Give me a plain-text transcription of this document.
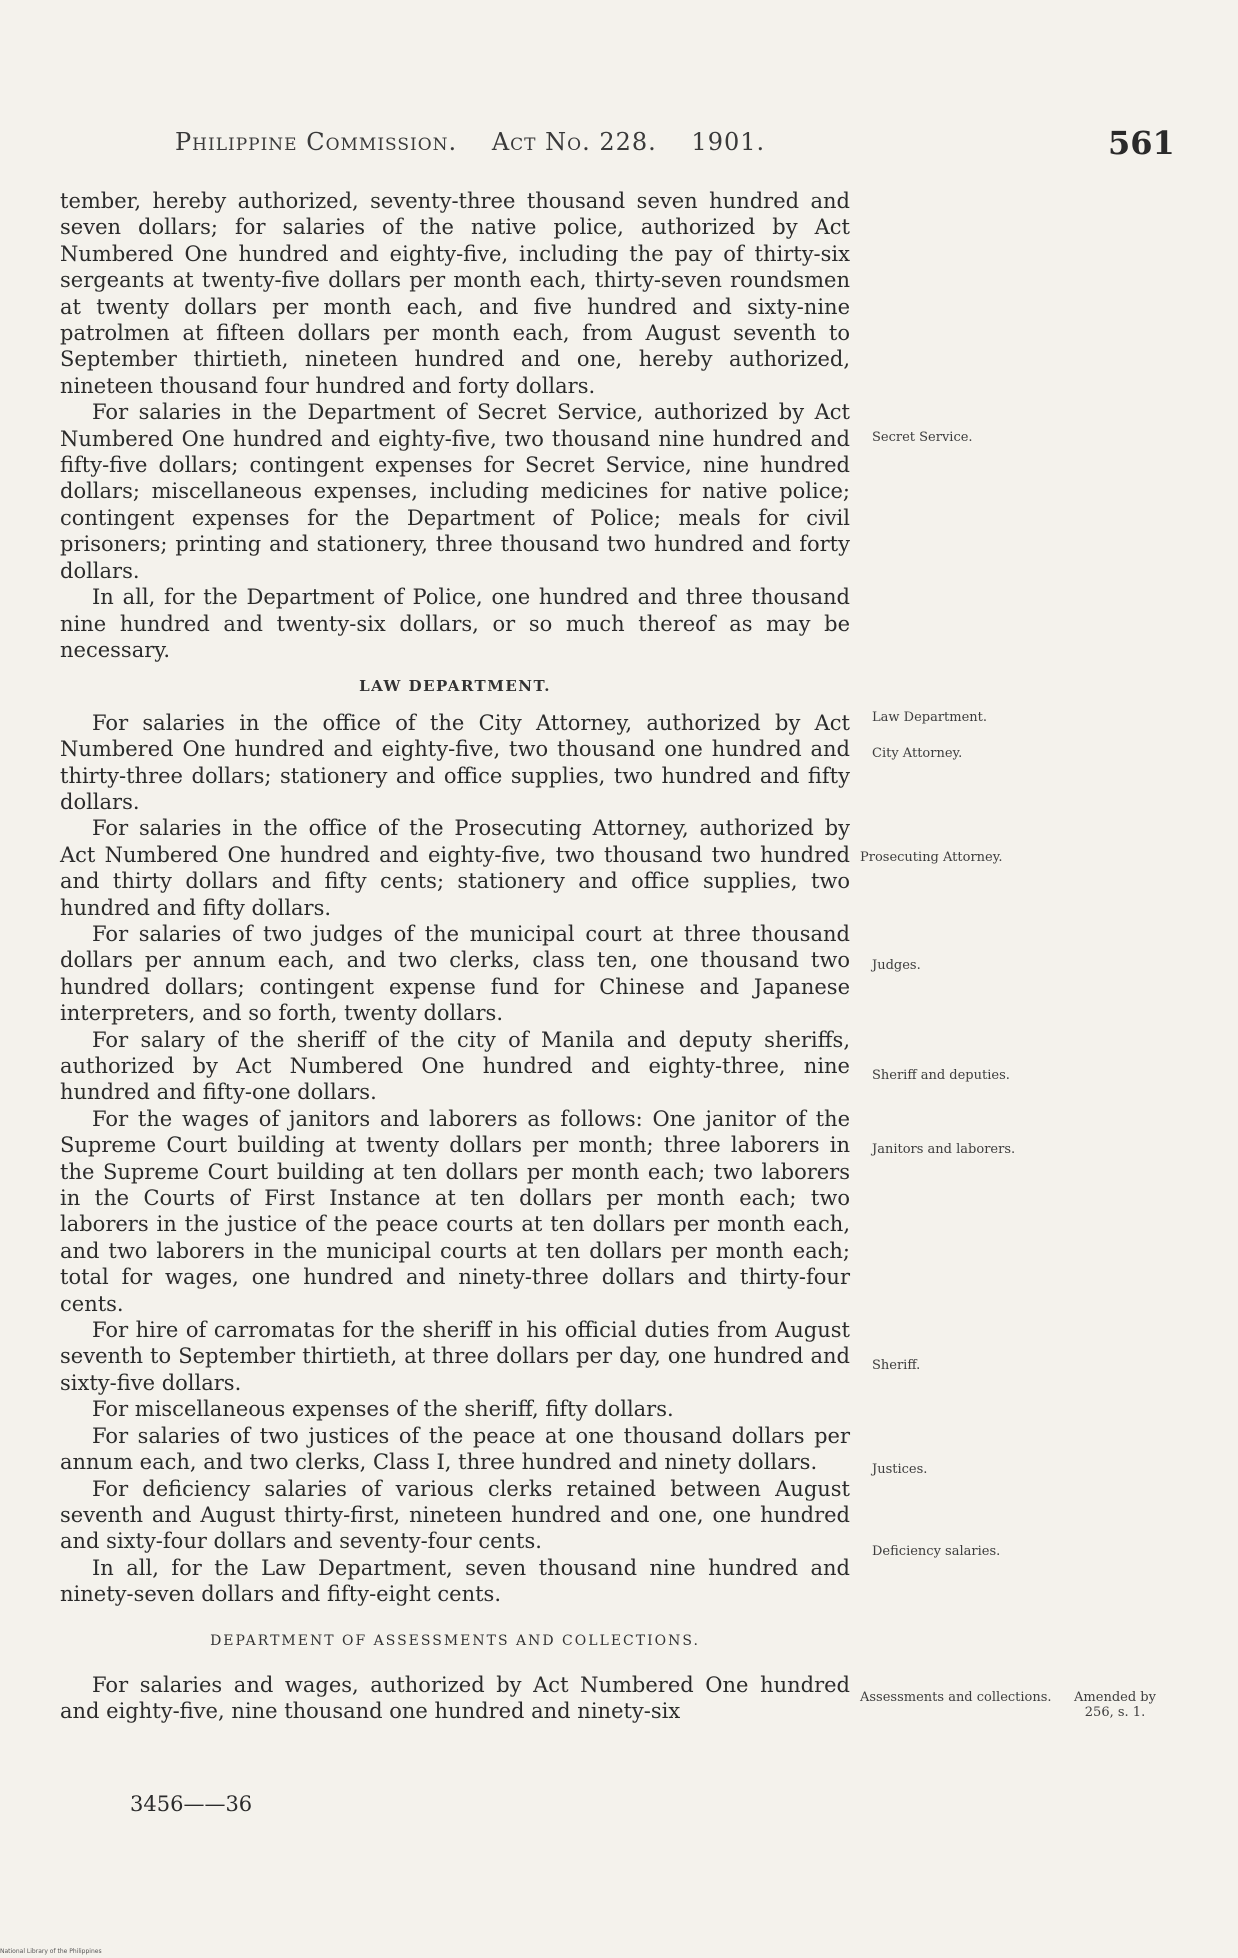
Philippine Commission. Act No. 228. 1901.	561

tember, hereby authorized, seventy-three thousand seven hundred and seven dollars; for salaries of the native police, authorized by Act Numbered One hundred and eighty-five, including the pay of thirty-six sergeants at twenty-five dollars per month each, thirty-seven roundsmen at twenty dollars per month each, and five hundred and sixty-nine patrolmen at fifteen dollars per month each, from August seventh to September thirtieth, nineteen hundred and one, hereby authorized, nineteen thousand four hundred and forty dollars.

For salaries in the Department of Secret Service, authorized by Act Numbered One hundred and eighty-five, two thousand nine hundred and fifty-five dollars; contingent expenses for Secret Service, nine hundred dollars; miscellaneous expenses, including medicines for native police; contingent expenses for the Department of Police; meals for civil prisoners; printing and stationery, three thousand two hundred and forty dollars.

In all, for the Department of Police, one hundred and three thousand nine hundred and twenty-six dollars, or so much thereof as may be necessary.

LAW DEPARTMENT.

For salaries in the office of the City Attorney, authorized by Act Numbered One hundred and eighty-five, two thousand one hundred and thirty-three dollars; stationery and office supplies, two hundred and fifty dollars.

For salaries in the office of the Prosecuting Attorney, authorized by Act Numbered One hundred and eighty-five, two thousand two hundred and thirty dollars and fifty cents; stationery and office supplies, two hundred and fifty dollars.

For salaries of two judges of the municipal court at three thousand dollars per annum each, and two clerks, class ten, one thousand two hundred dollars; contingent expense fund for Chinese and Japanese interpreters, and so forth, twenty dollars.

For salary of the sheriff of the city of Manila and deputy sheriffs, authorized by Act Numbered One hundred and eighty-three, nine hundred and fifty-one dollars.

For the wages of janitors and laborers as follows: One janitor of the Supreme Court building at twenty dollars per month; three laborers in the Supreme Court building at ten dollars per month each; two laborers in the Courts of First Instance at ten dollars per month each; two laborers in the justice of the peace courts at ten dollars per month each, and two laborers in the municipal courts at ten dollars per month each; total for wages, one hundred and ninety-three dollars and thirty-four cents.

For hire of carromatas for the sheriff in his official duties from August seventh to September thirtieth, at three dollars per day, one hundred and sixty-five dollars.

For miscellaneous expenses of the sheriff, fifty dollars.

For salaries of two justices of the peace at one thousand dollars per annum each, and two clerks, Class I, three hundred and ninety dollars.

For deficiency salaries of various clerks retained between August seventh and August thirty-first, nineteen hundred and one, one hundred and sixty-four dollars and seventy-four cents.

In all, for the Law Department, seven thousand nine hundred and ninety-seven dollars and fifty-eight cents.

DEPARTMENT OF ASSESSMENTS AND COLLECTIONS.

For salaries and wages, authorized by Act Numbered One hundred and eighty-five, nine thousand one hundred and ninety-six

Secret Service.
Law Department.
City Attorney.
Prosecuting Attorney.
Judges.
Sheriff and deputies.
Janitors and laborers.
Sheriff.
Justices.
Deficiency salaries.
Assessments and collections.	Amended by 256, s. 1.
3456——36
National Library of the Philippines
